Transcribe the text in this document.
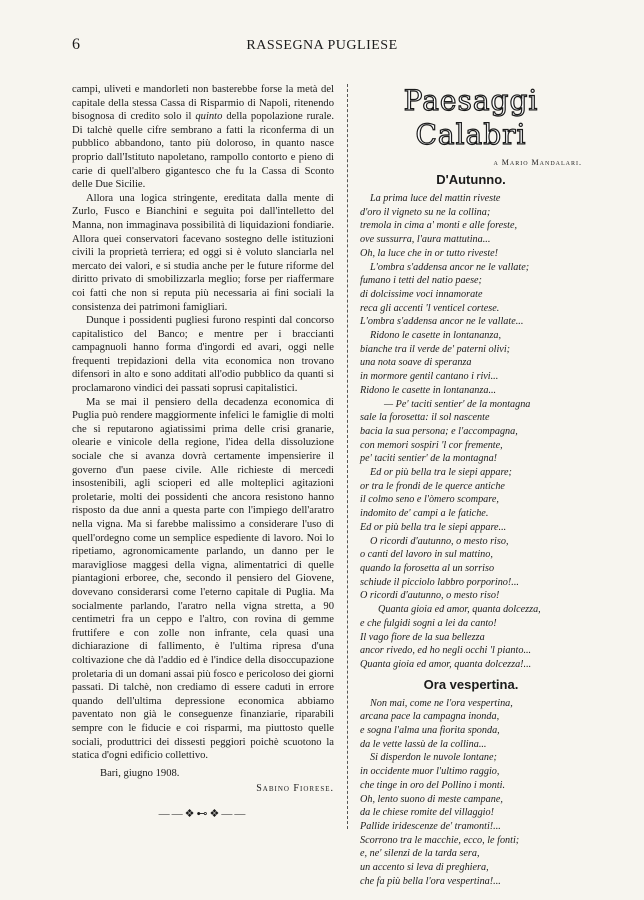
6	RASSEGNA PUGLIESE

campi, uliveti e mandorleti non basterebbe forse la metà del capitale della stessa Cassa di Risparmio di Napoli, ritenendo bisognosa di credito solo il quinto della popolazione rurale. Di talchè quelle cifre sembrano a fatti la riconferma di un pubblico abbandono, tanto più doloroso, in quanto nasce proprio dall'Istituto napoletano, rampollo contorto e pieno di carie di quell'albero gigantesco che fu la Cassa di Sconto delle Due Sicilie.

Allora una logica stringente, ereditata dalla mente di Zurlo, Fusco e Bianchini e seguita poi dall'intelletto del Manna, non immaginava possibilità di liquidazioni fondiarie. Allora quei conservatori facevano sostegno delle istituzioni civili la proprietà terriera; ed oggi si è voluto slanciarla nel mercato dei valori, e si studia anche per le future riforme del diritto privato di smobilizzarla meglio; forse per riaffermare coi fatti che non si reputa più necessaria ai fini sociali la consistenza dei patrimoni famigliari.

Dunque i possidenti pugliesi furono respinti dal concorso capitalistico del Banco; e mentre per i braccianti campagnuoli hanno forma d'ingordi ed avari, oggi nelle frequenti trepidazioni della vita economica non trovano difensori in alto e sono additati all'odio pubblico da quanti si proclamarono vindici dei passati soprusi capitalistici.

Ma se mai il pensiero della decadenza economica di Puglia può rendere maggiormente infelici le famiglie di molti che si reputarono agiatissimi prima delle crisi granarie, olearie e vinicole della regione, l'idea della dissoluzione sociale che si avanza dovrà certamente impensierire il governo d'un paese civile. Alle richieste di mercedi insostenibili, agli scioperi ed alle molteplici agitazioni proletarie, molti dei possidenti che ancora resistono hanno risposto da due anni a questa parte con l'impiego dell'aratro nella vigna. Ma si farebbe malissimo a considerare l'uso di quell'ordegno come un semplice espediente di lavoro. Noi lo ripetiamo, agronomicamente parlando, un danno per le maravigliose maggesi della vigna, alimentatrici di quelle piantagioni erboree, che, secondo il pensiero del Giovene, dovevano considerarsi come l'eterno capitale di Puglia. Ma socialmente parlando, l'aratro nella vigna stretta, a 90 centimetri fra un ceppo e l'altro, con rovina di gemme fruttifere e con zolle non infrante, cela quasi una dichiarazione di fallimento, è l'ultima ripresa d'una coltivazione che dà l'addio ed è l'indice della disoccupazione proletaria di un domani assai più fosco e pericoloso dei giorni passati. Di talchè, non crediamo di essere caduti in errore quando dell'ultima depressione economica abbiamo paventato non già le conseguenze finanziarie, riparabili sempre con le fiducie e coi risparmi, ma piuttosto quelle sociali, produttrici dei dissesti peggiori poichè scuotono la statica d'ogni edificio collettivo.

Bari, giugno 1908.
Sabino Fiorese.
——❖⊷❖——
Paesaggi Calabri
a Mario Mandalari.
D'Autunno.
La prima luce del mattin riveste
d'oro il vigneto su ne la collina;
tremola in cima a' monti e alle foreste,
ove sussurra, l'aura mattutina...
Oh, la luce che in or tutto riveste!
L'ombra s'addensa ancor ne le vallate;
fumano i tetti del natio paese;
di dolcissime voci innamorate
reca gli accenti 'l venticel cortese.
L'ombra s'addensa ancor ne le vallate...
Ridono le casette in lontananza,
bianche tra il verde de' paterni olivi;
una nota soave di speranza
in mormore gentil cantano i rivi...
Ridono le casette in lontananza...
— Pe' taciti sentier' de la montagna
sale la forosetta: il sol nascente
bacia la sua persona; e l'accompagna,
con memori sospiri 'l cor fremente,
pe' taciti sentier' de la montagna!
Ed or più bella tra le siepi appare;
or tra le frondi de le querce antiche
il colmo seno e l'òmero scompare,
indomito de' campi a le fatiche.
Ed or più bella tra le siepi appare...
O ricordi d'autunno, o mesto riso,
o canti del lavoro in sul mattino,
quando la forosetta al un sorriso
schiude il picciolo labbro porporino!...
O ricordi d'autunno, o mesto riso!
Quanta gioia ed amor, quanta dolcezza,
e che fulgidi sogni a lei da canto!
Il vago fiore de la sua bellezza
ancor rivedo, ed ho negli occhi 'l pianto...
Quanta gioia ed amor, quanta dolcezza!...
Ora vespertina.
Non mai, come ne l'ora vespertina,
arcana pace la campagna inonda,
e sogna l'alma una fiorita sponda,
da le vette lassù de la collina...
Si disperdon le nuvole lontane;
in occidente muor l'ultimo raggio,
che tinge in oro del Pollino i monti.
Oh, lento suono di meste campane,
da le chiese romite del villaggio!
Pallide iridescenze de' tramonti!...
Scorrono tra le macchie, ecco, le fonti;
e, ne' silenzi de la tarda sera,
un accento si leva di preghiera,
che fa più bella l'ora vespertina!...
